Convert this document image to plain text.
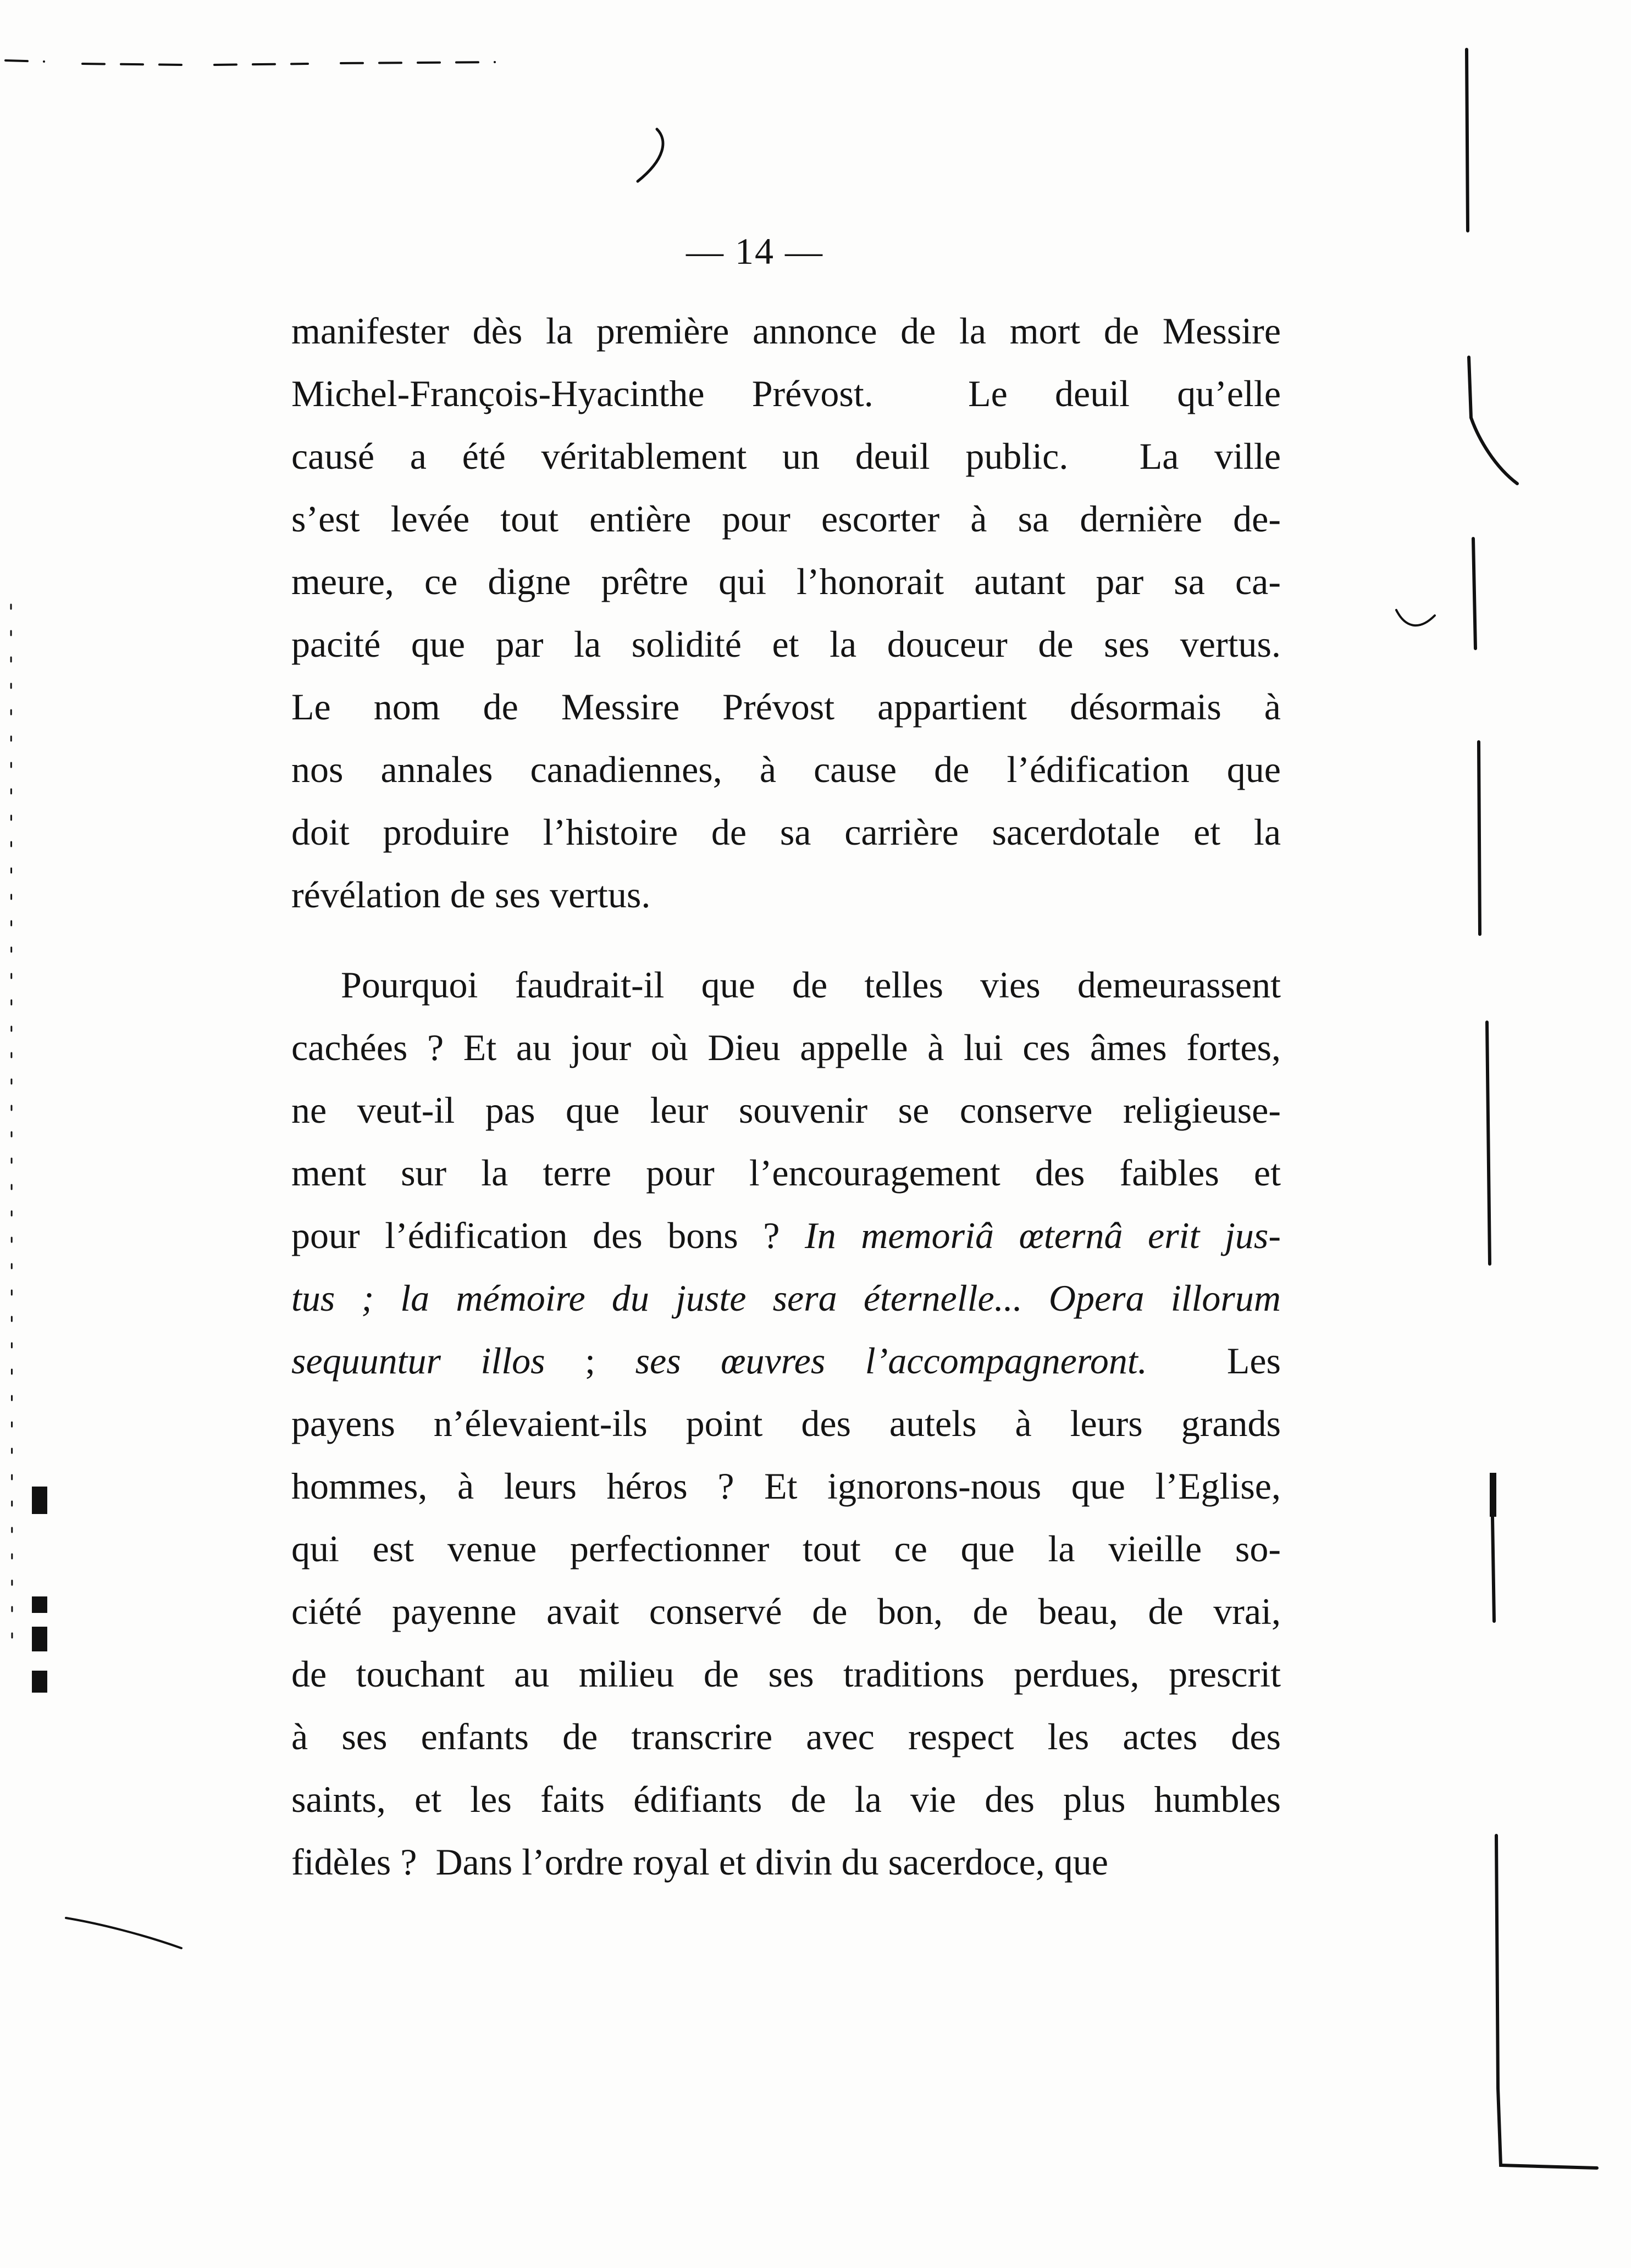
— 14 —
manifester dès la première annonce de la mort de Messire
Michel-François-Hyacinthe Prévost.  Le deuil qu’elle
causé a été véritablement un deuil public.  La ville
s’est levée tout entière pour escorter à sa dernière de-
meure, ce digne prêtre qui l’honorait autant par sa ca-
pacité que par la solidité et la douceur de ses vertus.
Le nom de Messire Prévost appartient désormais à
nos annales canadiennes, à cause de l’édification que
doit produire l’histoire de sa carrière sacerdotale et la
révélation de ses vertus.
Pourquoi faudrait-il que de telles vies demeurassent
cachées ? Et au jour où Dieu appelle à lui ces âmes fortes,
ne veut-il pas que leur souvenir se conserve religieuse-
ment sur la terre pour l’encouragement des faibles et
pour l’édification des bons ? In memoriâ œternâ erit jus-
tus ; la mémoire du juste sera éternelle... Opera illorum
sequuntur illos ; ses œuvres l’accompagneront.  Les
payens n’élevaient-ils point des autels à leurs grands
hommes, à leurs héros ? Et ignorons-nous que l’Eglise,
qui est venue perfectionner tout ce que la vieille so-
ciété payenne avait conservé de bon, de beau, de vrai,
de touchant au milieu de ses traditions perdues, prescrit
à ses enfants de transcrire avec respect les actes des
saints, et les faits édifiants de la vie des plus humbles
fidèles ?  Dans l’ordre royal et divin du sacerdoce, que
